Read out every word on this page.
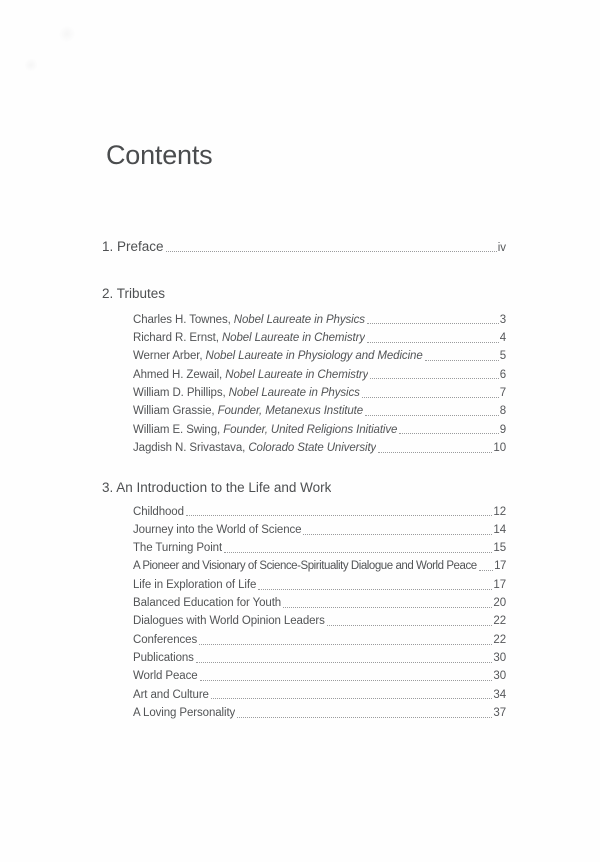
Contents
1. Preface	iv
2. Tributes
Charles H. Townes, Nobel Laureate in Physics	3
Richard R. Ernst, Nobel Laureate in Chemistry	4
Werner Arber, Nobel Laureate in Physiology and Medicine	5
Ahmed H. Zewail, Nobel Laureate in Chemistry	6
William D. Phillips, Nobel Laureate in Physics	7
William Grassie, Founder, Metanexus Institute	8
William E. Swing, Founder, United Religions Initiative	9
Jagdish N. Srivastava, Colorado State University	10
3. An Introduction to the Life and Work
Childhood	12
Journey into the World of Science	14
The Turning Point	15
A Pioneer and Visionary of Science-Spirituality Dialogue and World Peace 17
Life in Exploration of Life	17
Balanced Education for Youth	20
Dialogues with World Opinion Leaders	22
Conferences	22
Publications	30
World Peace	30
Art and Culture	34
A Loving Personality	37
